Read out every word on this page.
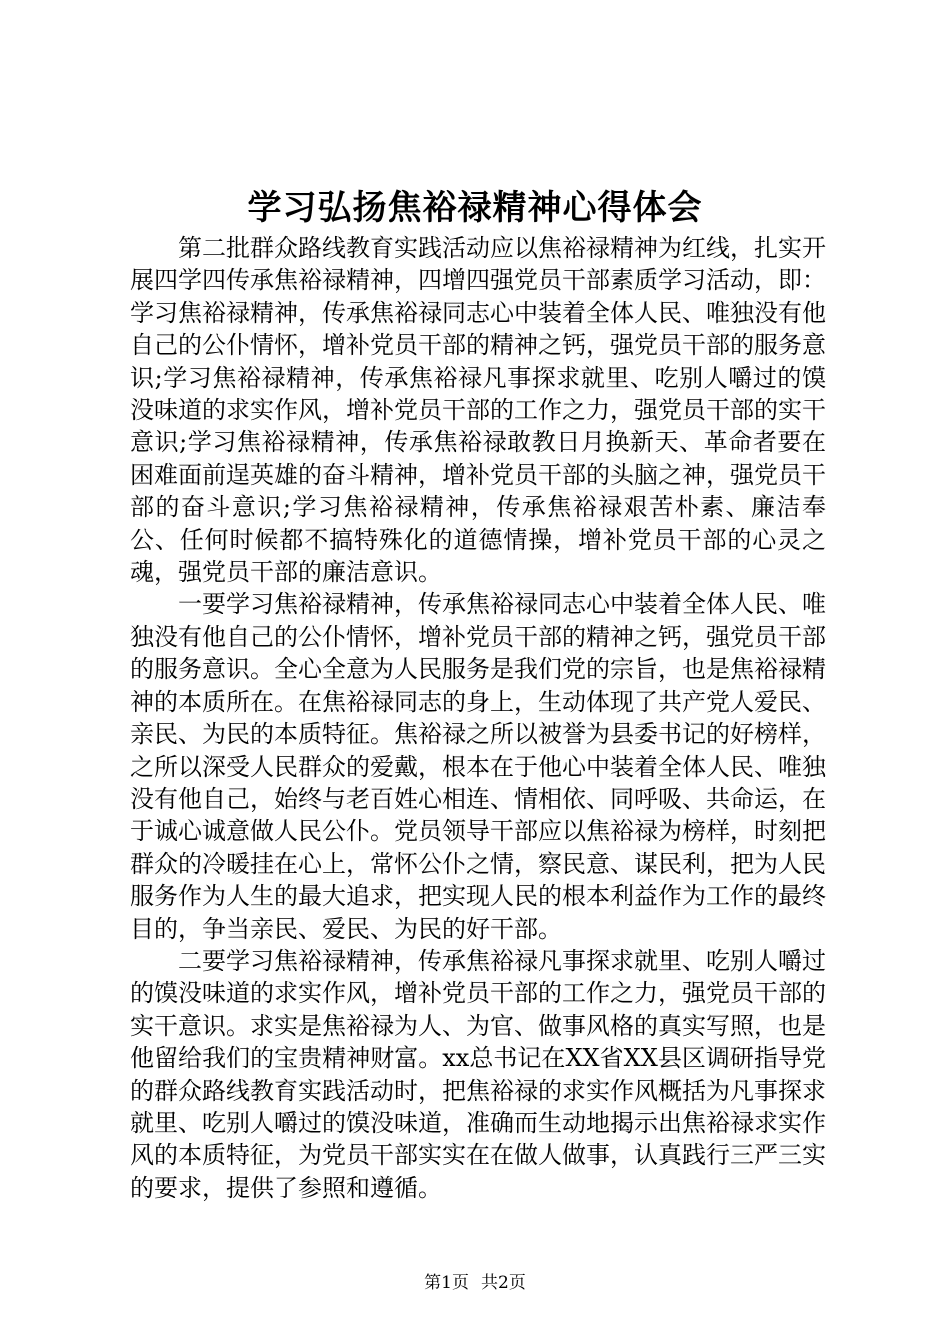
学习弘扬焦裕禄精神心得体会

第二批群众路线教育实践活动应以焦裕禄精神为红线，扎实开展四学四传承焦裕禄精神，四增四强党员干部素质学习活动，即：学习焦裕禄精神，传承焦裕禄同志心中装着全体人民、唯独没有他自己的公仆情怀，增补党员干部的精神之钙，强党员干部的服务意识;学习焦裕禄精神，传承焦裕禄凡事探求就里、吃别人嚼过的馍没味道的求实作风，增补党员干部的工作之力，强党员干部的实干意识;学习焦裕禄精神，传承焦裕禄敢教日月换新天、革命者要在困难面前逞英雄的奋斗精神，增补党员干部的头脑之神，强党员干部的奋斗意识;学习焦裕禄精神，传承焦裕禄艰苦朴素、廉洁奉公、任何时候都不搞特殊化的道德情操，增补党员干部的心灵之魂，强党员干部的廉洁意识。

一要学习焦裕禄精神，传承焦裕禄同志心中装着全体人民、唯独没有他自己的公仆情怀，增补党员干部的精神之钙，强党员干部的服务意识。全心全意为人民服务是我们党的宗旨，也是焦裕禄精神的本质所在。在焦裕禄同志的身上，生动体现了共产党人爱民、亲民、为民的本质特征。焦裕禄之所以被誉为县委书记的好榜样，之所以深受人民群众的爱戴，根本在于他心中装着全体人民、唯独没有他自己，始终与老百姓心相连、情相依、同呼吸、共命运，在于诚心诚意做人民公仆。党员领导干部应以焦裕禄为榜样，时刻把群众的冷暖挂在心上，常怀公仆之情，察民意、谋民利，把为人民服务作为人生的最大追求，把实现人民的根本利益作为工作的最终目的，争当亲民、爱民、为民的好干部。

二要学习焦裕禄精神，传承焦裕禄凡事探求就里、吃别人嚼过的馍没味道的求实作风，增补党员干部的工作之力，强党员干部的实干意识。求实是焦裕禄为人、为官、做事风格的真实写照，也是他留给我们的宝贵精神财富。xx总书记在XX省XX县区调研指导党的群众路线教育实践活动时，把焦裕禄的求实作风概括为凡事探求就里、吃别人嚼过的馍没味道，准确而生动地揭示出焦裕禄求实作风的本质特征，为党员干部实实在在做人做事，认真践行三严三实的要求，提供了参照和遵循。

第1页 共2页
